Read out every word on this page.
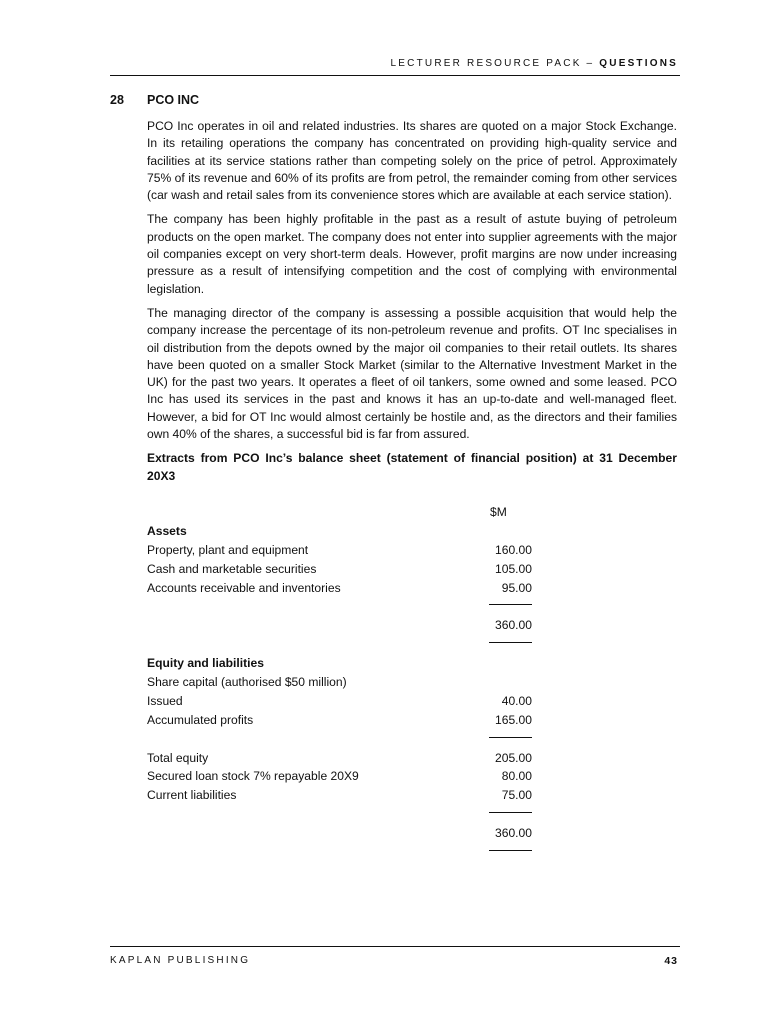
LECTURER RESOURCE PACK – QUESTIONS
28 PCO INC

PCO Inc operates in oil and related industries. Its shares are quoted on a major Stock Exchange. In its retailing operations the company has concentrated on providing high-quality service and facilities at its service stations rather than competing solely on the price of petrol. Approximately 75% of its revenue and 60% of its profits are from petrol, the remainder coming from other services (car wash and retail sales from its convenience stores which are available at each service station).

The company has been highly profitable in the past as a result of astute buying of petroleum products on the open market. The company does not enter into supplier agreements with the major oil companies except on very short-term deals. However, profit margins are now under increasing pressure as a result of intensifying competition and the cost of complying with environmental legislation.

The managing director of the company is assessing a possible acquisition that would help the company increase the percentage of its non-petroleum revenue and profits. OT Inc specialises in oil distribution from the depots owned by the major oil companies to their retail outlets. Its shares have been quoted on a smaller Stock Market (similar to the Alternative Investment Market in the UK) for the past two years. It operates a fleet of oil tankers, some owned and some leased. PCO Inc has used its services in the past and knows it has an up-to-date and well-managed fleet. However, a bid for OT Inc would almost certainly be hostile and, as the directors and their families own 40% of the shares, a successful bid is far from assured.

Extracts from PCO Inc’s balance sheet (statement of financial position) at 31 December 20X3

$M
Assets
Property, plant and equipment	160.00
Cash and marketable securities	105.00
Accounts receivable and inventories	95.00
360.00
Equity and liabilities
Share capital (authorised $50 million)
Issued	40.00
Accumulated profits	165.00
Total equity	205.00
Secured loan stock 7% repayable 20X9	80.00
Current liabilities	75.00
360.00
KAPLAN PUBLISHING	43
